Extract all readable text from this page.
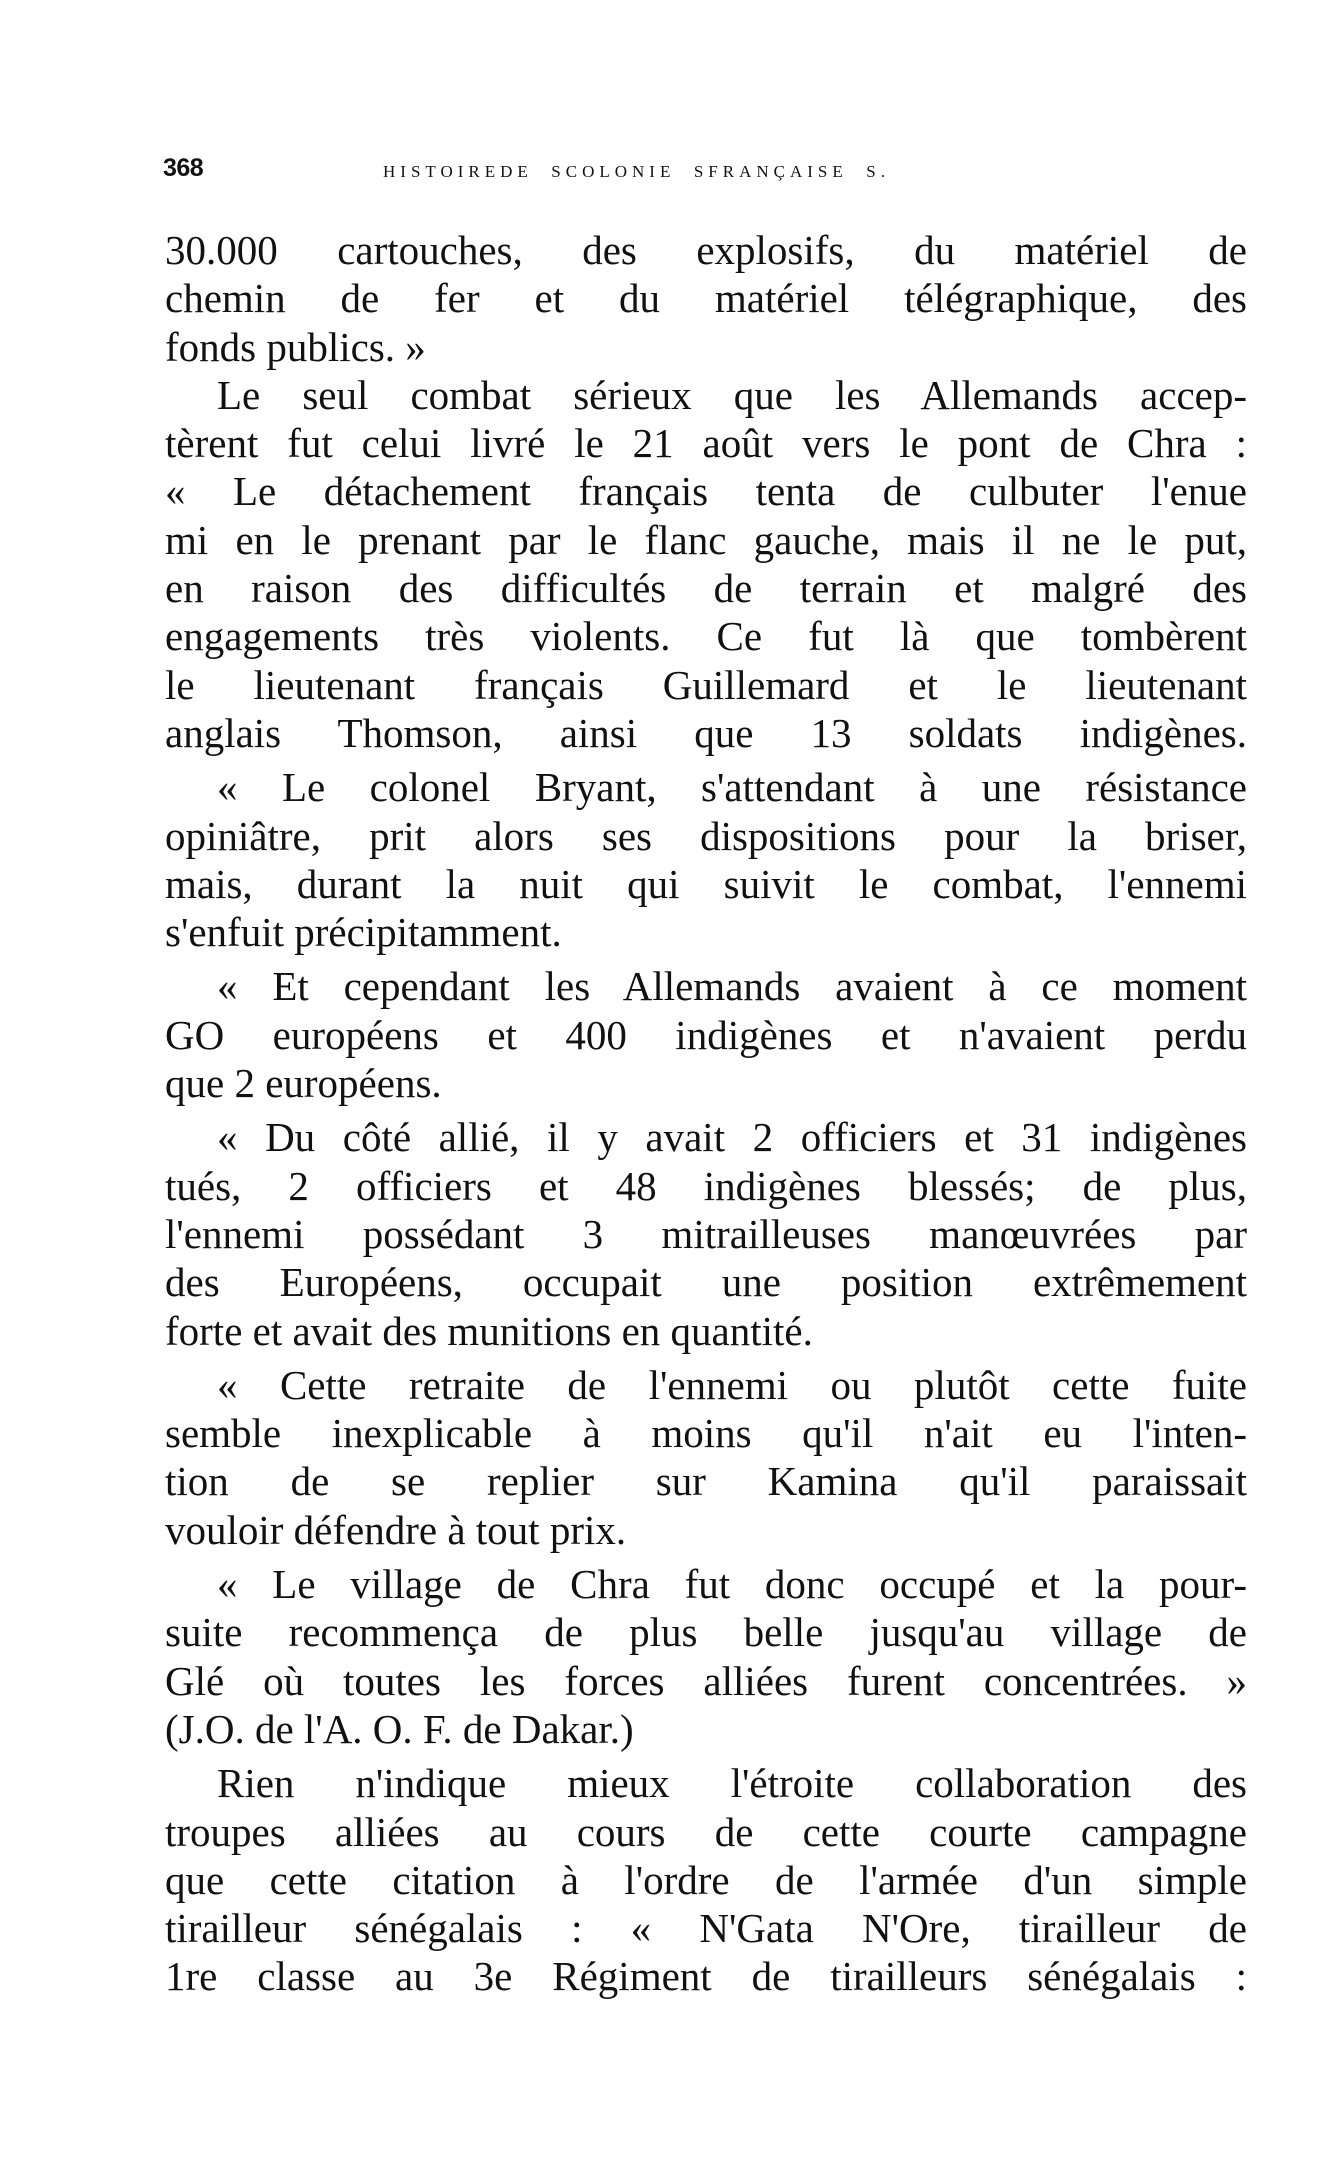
368	HISTOIREDE  SCOLONIE  SFRANÇAISE  S.

30.000 cartouches, des explosifs, du matériel de
chemin de fer et du matériel télégraphique, des
fonds publics. »

Le seul combat sérieux que les Allemands accep-
tèrent fut celui livré le 21 août vers le pont de Chra :
« Le détachement français tenta de culbuter l'enue
mi en le prenant par le flanc gauche, mais il ne le put,
en raison des difficultés de terrain et malgré des
engagements très violents. Ce fut là que tombèrent
le lieutenant français Guillemard et le lieutenant
anglais Thomson, ainsi que 13 soldats indigènes.

« Le colonel Bryant, s'attendant à une résistance
opiniâtre, prit alors ses dispositions pour la briser,
mais, durant la nuit qui suivit le combat, l'ennemi
s'enfuit précipitamment.

« Et cependant les Allemands avaient à ce moment
GO européens et 400 indigènes et n'avaient perdu
que 2 européens.

« Du côté allié, il y avait 2 officiers et 31 indigènes
tués, 2 officiers et 48 indigènes blessés; de plus,
l'ennemi possédant 3 mitrailleuses manœuvrées par
des Européens, occupait une position extrêmement
forte et avait des munitions en quantité.

« Cette retraite de l'ennemi ou plutôt cette fuite
semble inexplicable à moins qu'il n'ait eu l'inten-
tion de se replier sur Kamina qu'il paraissait
vouloir défendre à tout prix.

« Le village de Chra fut donc occupé et la pour-
suite recommença de plus belle jusqu'au village de
Glé où toutes les forces alliées furent concentrées. »
(J.O. de l'A. O. F. de Dakar.)

Rien n'indique mieux l'étroite collaboration des
troupes alliées au cours de cette courte campagne
que cette citation à l'ordre de l'armée d'un simple
tirailleur sénégalais : « N'Gata N'Ore, tirailleur de
1re classe au 3e Régiment de tirailleurs sénégalais :
